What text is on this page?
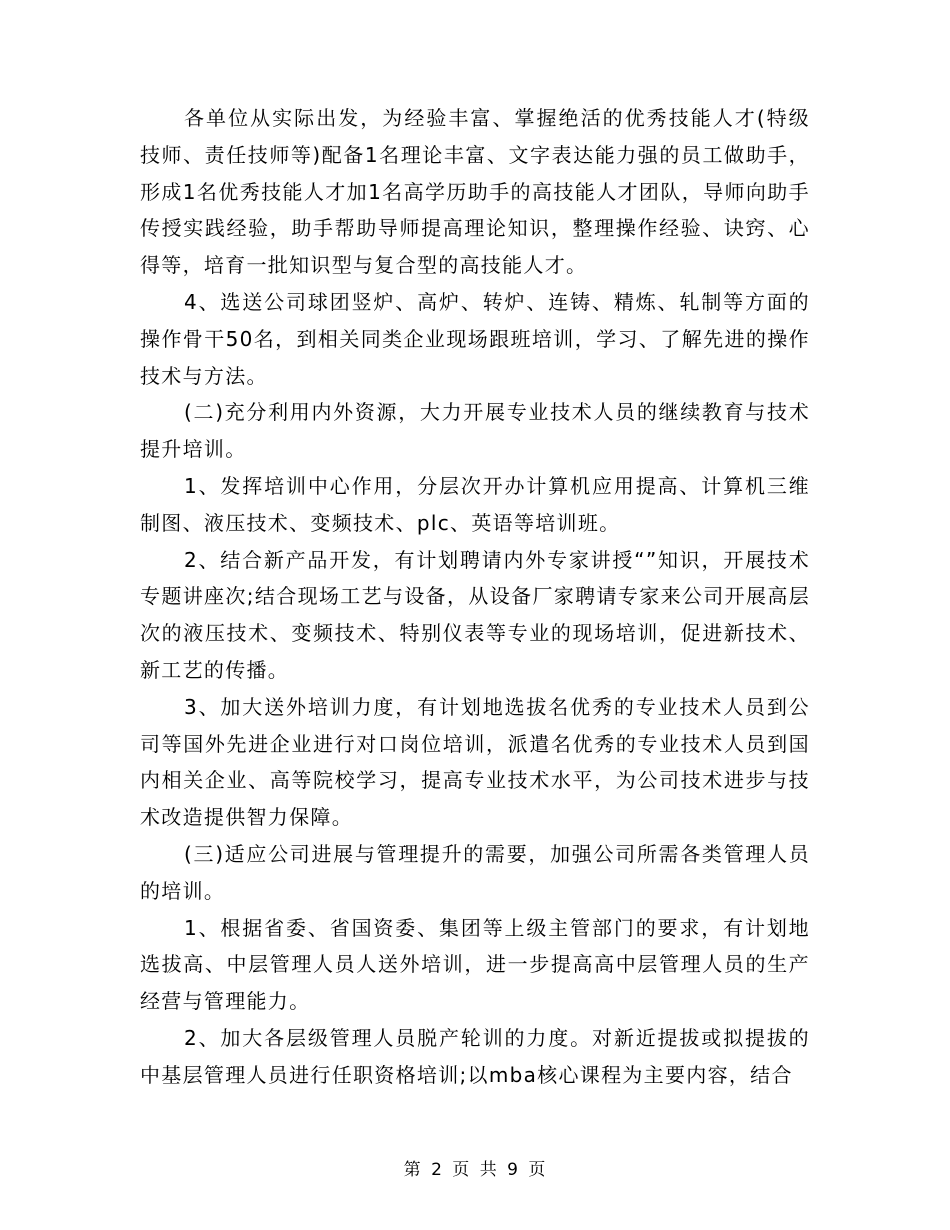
各单位从实际出发，为经验丰富、掌握绝活的优秀技能人才(特级技师、责任技师等)配备1名理论丰富、文字表达能力强的员工做助手，形成1名优秀技能人才加1名高学历助手的高技能人才团队，导师向助手传授实践经验，助手帮助导师提高理论知识，整理操作经验、诀窍、心得等，培育一批知识型与复合型的高技能人才。

4、选送公司球团竖炉、高炉、转炉、连铸、精炼、轧制等方面的操作骨干50名，到相关同类企业现场跟班培训，学习、了解先进的操作技术与方法。

(二)充分利用内外资源，大力开展专业技术人员的继续教育与技术提升培训。

1、发挥培训中心作用，分层次开办计算机应用提高、计算机三维制图、液压技术、变频技术、plc、英语等培训班。

2、结合新产品开发，有计划聘请内外专家讲授“”知识，开展技术专题讲座次;结合现场工艺与设备，从设备厂家聘请专家来公司开展高层次的液压技术、变频技术、特别仪表等专业的现场培训，促进新技术、新工艺的传播。

3、加大送外培训力度，有计划地选拔名优秀的专业技术人员到公司等国外先进企业进行对口岗位培训，派遣名优秀的专业技术人员到国内相关企业、高等院校学习，提高专业技术水平，为公司技术进步与技术改造提供智力保障。

(三)适应公司进展与管理提升的需要，加强公司所需各类管理人员的培训。

1、根据省委、省国资委、集团等上级主管部门的要求，有计划地选拔高、中层管理人员人送外培训，进一步提高高中层管理人员的生产经营与管理能力。

2、加大各层级管理人员脱产轮训的力度。对新近提拔或拟提拔的中基层管理人员进行任职资格培训;以mba核心课程为主要内容，结合

第 2 页 共 9 页
